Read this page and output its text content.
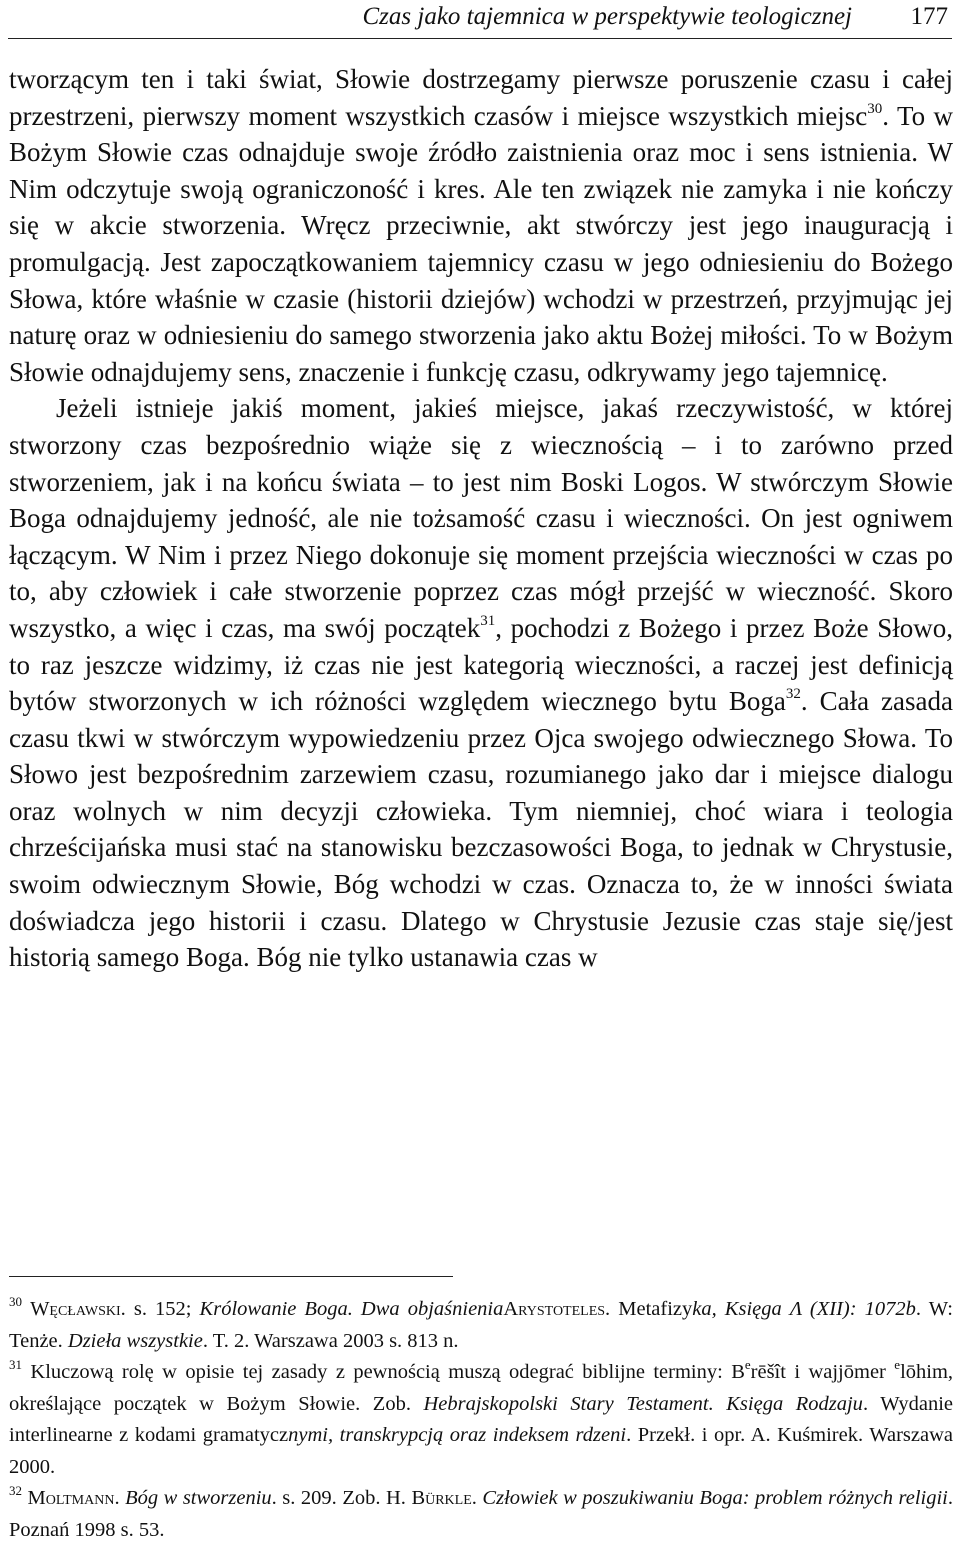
Czas jako tajemnica w perspektywie teologicznej 177

tworzącym ten i taki świat, Słowie dostrzegamy pierwsze poruszenie czasu i całej przestrzeni, pierwszy moment wszystkich czasów i miejsce wszystkich miejsc$^{30}$. To w Bożym Słowie czas odnajduje swoje źródło zaistnienia oraz moc i sens istnienia. W Nim odczytuje swoją ograniczoność i kres. Ale ten związek nie zamyka i nie kończy się w akcie stworzenia. Wręcz przeciwnie, akt stwórczy jest jego inauguracją i promulgacją. Jest zapoczątkowaniem tajemnicy czasu w jego odniesieniu do Bożego Słowa, które właśnie w czasie (historii dziejów) wchodzi w przestrzeń, przyjmując jej naturę oraz w odniesieniu do samego stworzenia jako aktu Bożej miłości. To w Bożym Słowie odnajdujemy sens, znaczenie i funkcję czasu, odkrywamy jego tajemnicę.

Jeżeli istnieje jakiś moment, jakieś miejsce, jakaś rzeczywistość, w której stworzony czas bezpośrednio wiąże się z wiecznością – i to zarówno przed stworzeniem, jak i na końcu świata – to jest nim Boski Logos. W stwórczym Słowie Boga odnajdujemy jedność, ale nie tożsamość czasu i wieczności. On jest ogniwem łączącym. W Nim i przez Niego dokonuje się moment przejścia wieczności w czas po to, aby człowiek i całe stworzenie poprzez czas mógł przejść w wieczność. Skoro wszystko, a więc i czas, ma swój początek$^{31}$, pochodzi z Bożego i przez Boże Słowo, to raz jeszcze widzimy, iż czas nie jest kategorią wieczności, a raczej jest definicją bytów stworzonych w ich różności względem wiecznego bytu Boga$^{32}$. Cała zasada czasu tkwi w stwórczym wypowiedzeniu przez Ojca swojego odwiecznego Słowa. To Słowo jest bezpośrednim zarzewiem czasu, rozumianego jako dar i miejsce dialogu oraz wolnych w nim decyzji człowieka. Tym niemniej, choć wiara i teologia chrześcijańska musi stać na stanowisku bezczasowości Boga, to jednak w Chrystusie, swoim odwiecznym Słowie, Bóg wchodzi w czas. Oznacza to, że w inności świata doświadcza jego historii i czasu. Dlatego w Chrystusie Jezusie czas staje się/jest historią samego Boga. Bóg nie tylko ustanawia czas w

$^{30}$ Węcławski. s. 152; Królowanie Boga. Dwa objaśnieniaArystoteles. Metafizyka, Księga Λ (XII): 1072b. W: Tenże. Dzieła wszystkie. T. 2. Warszawa 2003 s. 813 n.

$^{31}$ Kluczową rolę w opisie tej zasady z pewnością muszą odegrać biblijne terminy: $B^erēšît$ i wajjōmer $^e$lōhim, określające początek w Bożym Słowie. Zob. Hebrajskopolski Stary Testament. Księga Rodzaju. Wydanie interlinearne z kodami gramatycznymi, transkrypcją oraz indeksem rdzeni. Przekł. i opr. A. Kuśmirek. Warszawa 2000.

$^{32}$ Moltmann. Bóg w stworzeniu. s. 209. Zob. H. Bürkle. Człowiek w poszukiwaniu Boga: problem różnych religii. Poznań 1998 s. 53.
